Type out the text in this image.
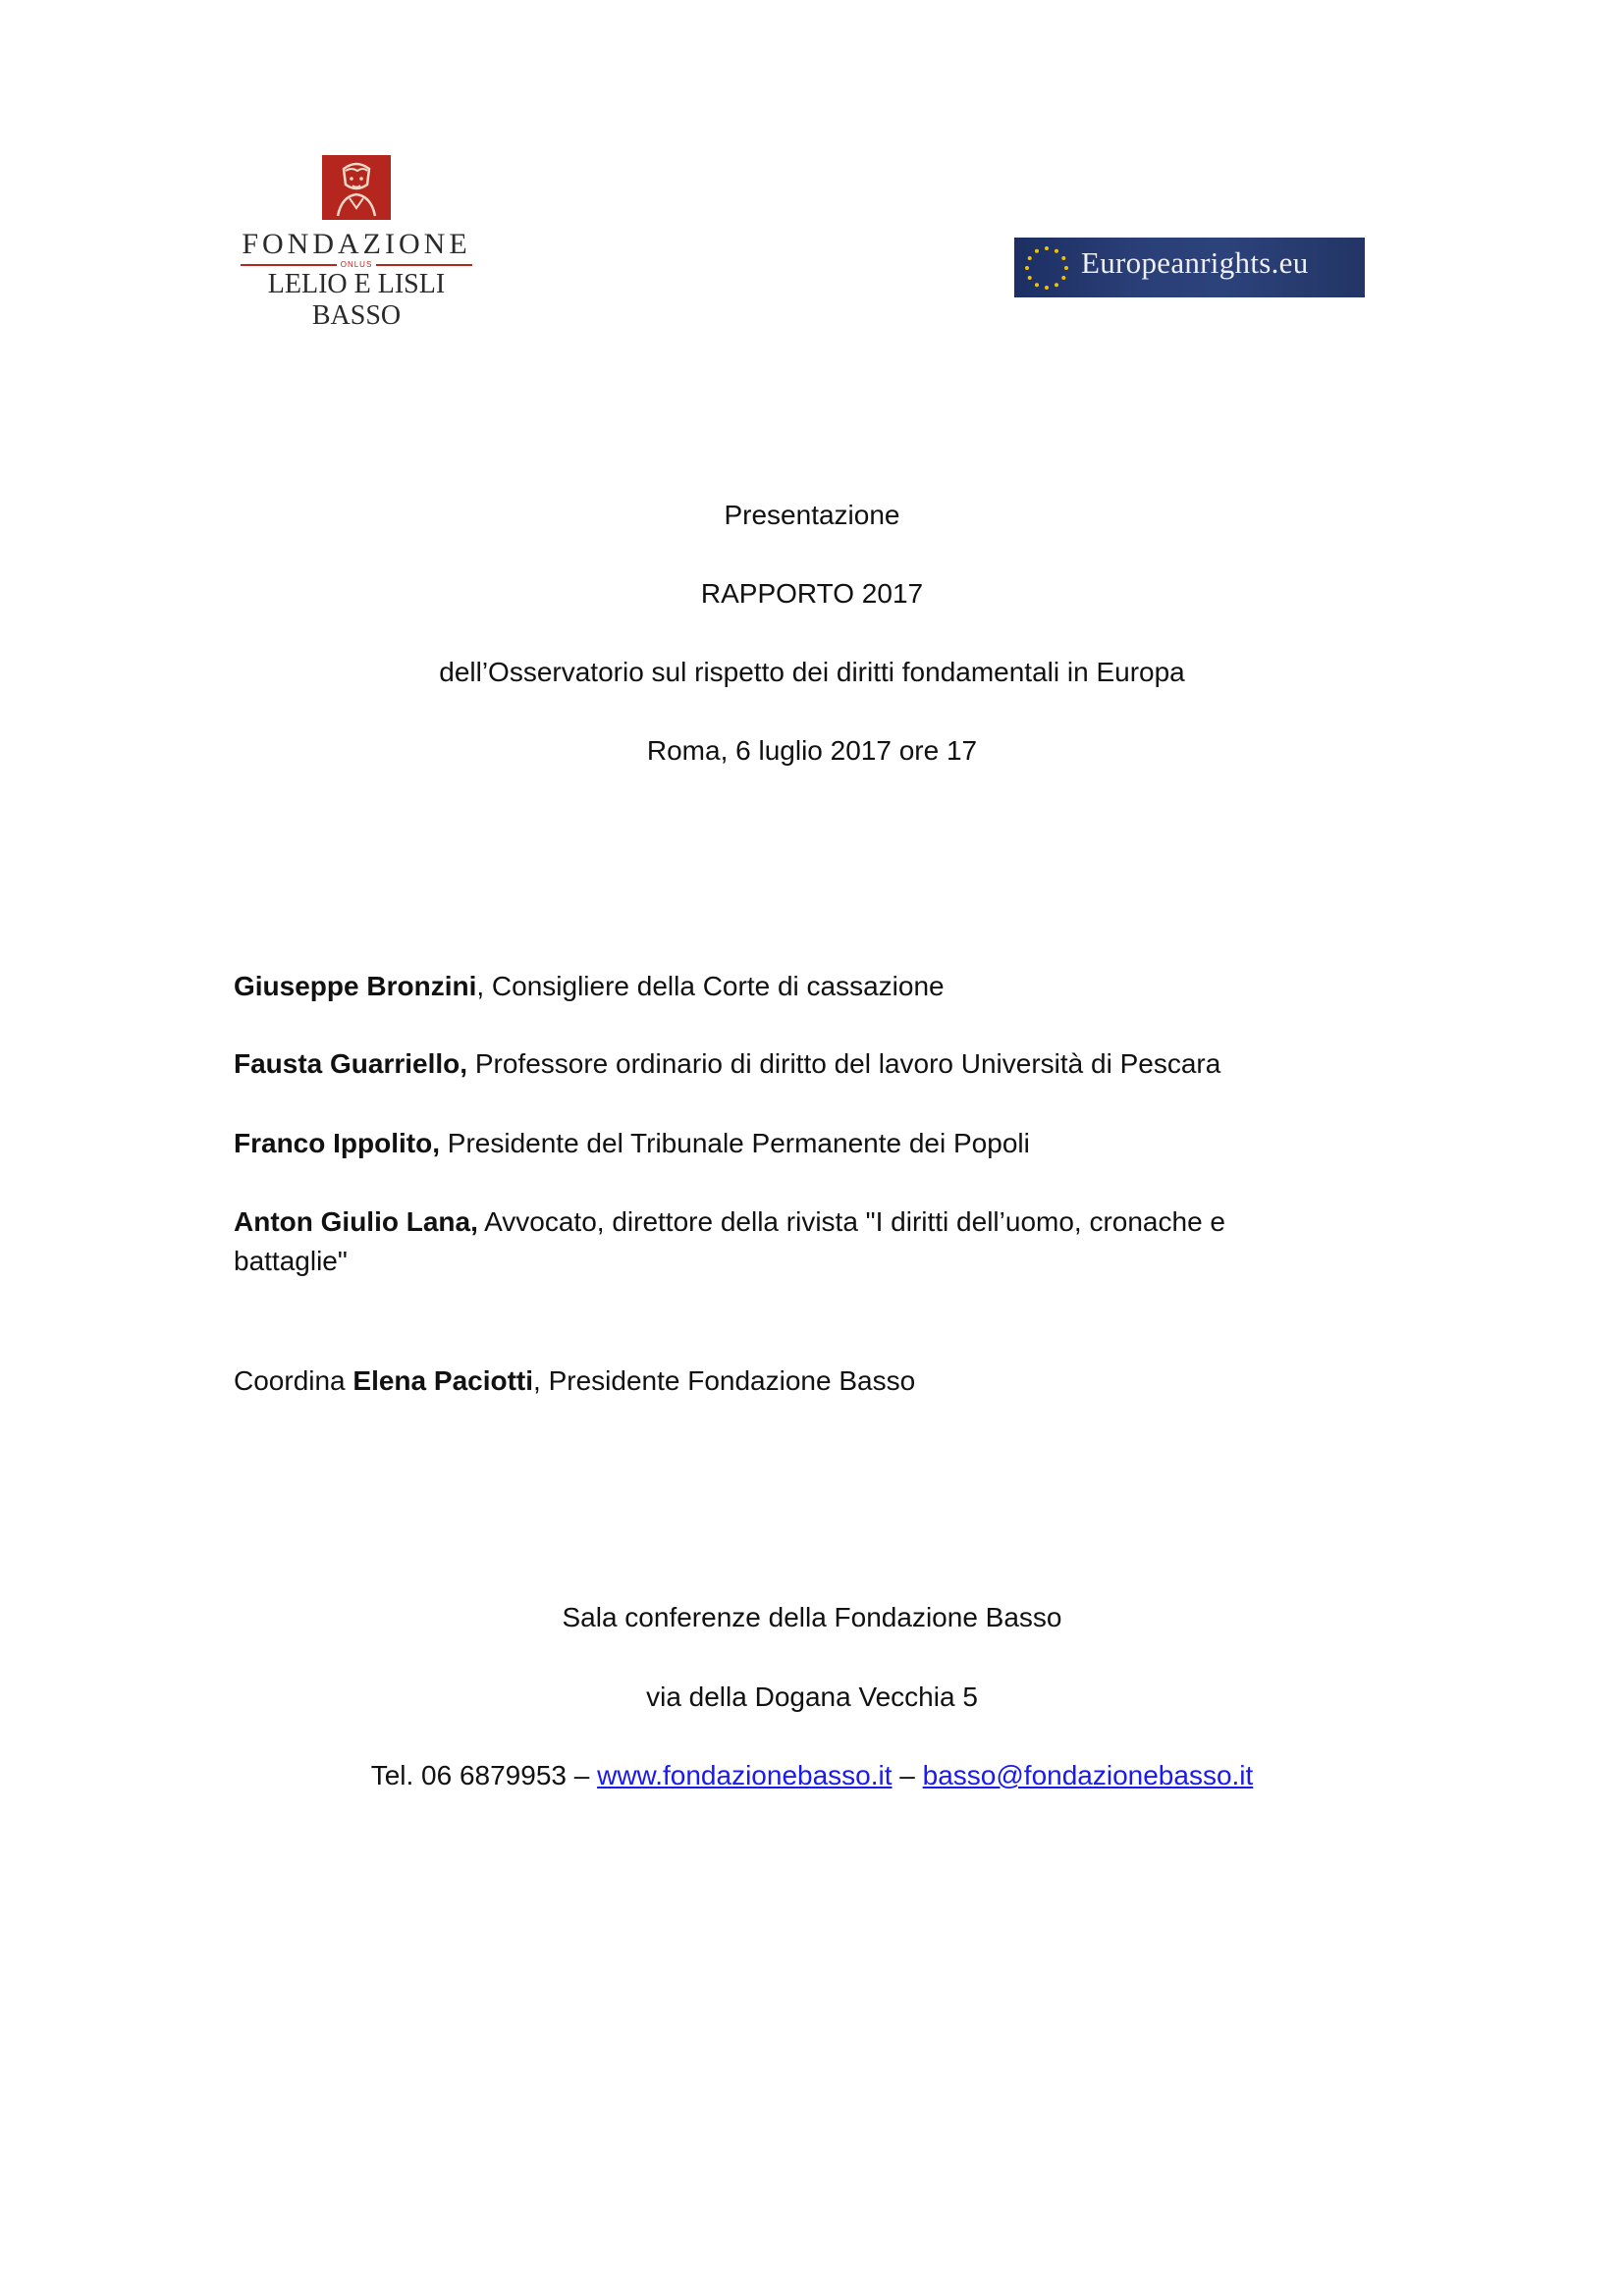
FONDAZIONE
ONLUS
LELIO E LISLI BASSO
Europeanrights.eu
Presentazione
RAPPORTO 2017
dell’Osservatorio sul rispetto dei diritti fondamentali in Europa
Roma, 6 luglio 2017 ore 17
Giuseppe Bronzini, Consigliere della Corte di cassazione
Fausta Guarriello, Professore ordinario di diritto del lavoro Università di Pescara
Franco Ippolito, Presidente del Tribunale Permanente dei Popoli
Anton Giulio Lana, Avvocato, direttore della rivista "I diritti dell’uomo, cronache e battaglie"
Coordina Elena Paciotti, Presidente Fondazione Basso
Sala conferenze della Fondazione Basso
via della Dogana Vecchia 5
Tel. 06 6879953 – www.fondazionebasso.it – basso@fondazionebasso.it
